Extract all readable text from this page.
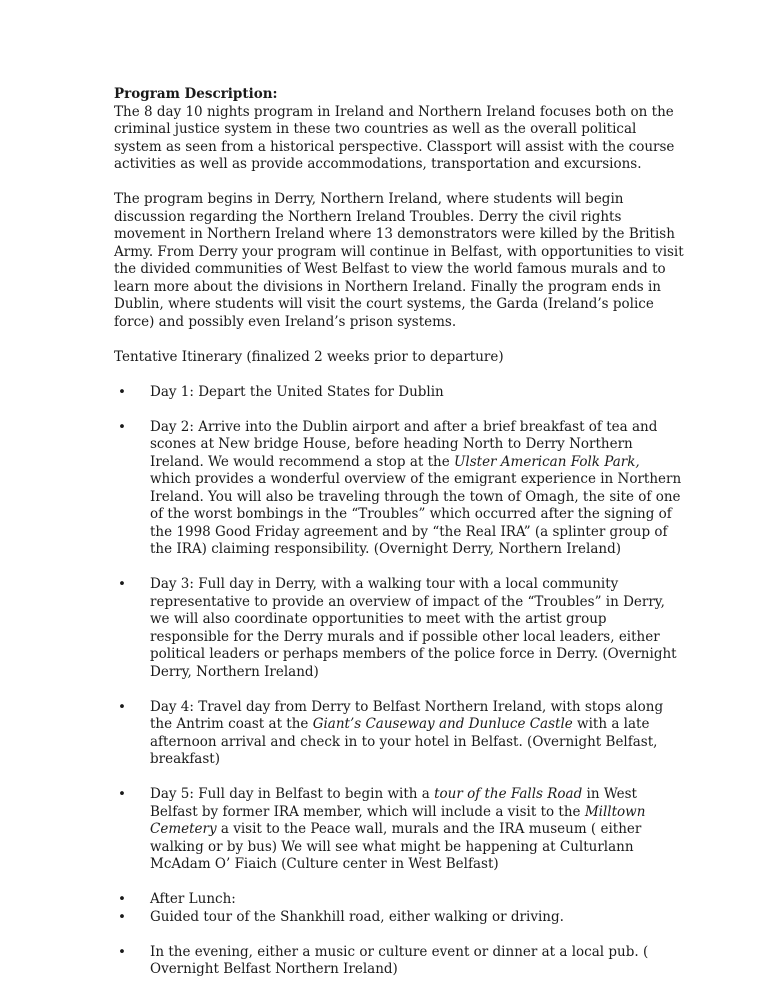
Program Description:

The 8 day 10 nights program in Ireland and Northern Ireland focuses both on the criminal justice system in these two countries as well as the overall political system as seen from a historical perspective. Classport will assist with the course activities as well as provide accommodations, transportation and excursions.

The program begins in Derry, Northern Ireland, where students will begin discussion regarding the Northern Ireland Troubles. Derry the civil rights movement in Northern Ireland where 13 demonstrators were killed by the British Army. From Derry your program will continue in Belfast, with opportunities to visit the divided communities of West Belfast to view the world famous murals and to learn more about the divisions in Northern Ireland. Finally the program ends in Dublin, where students will visit the court systems, the Garda (Ireland’s police force) and possibly even Ireland’s prison systems.

Tentative Itinerary (finalized 2 weeks prior to departure)

• Day 1: Depart the United States for Dublin
• Day 2: Arrive into the Dublin airport and after a brief breakfast of tea and scones at New bridge House, before heading North to Derry Northern Ireland. We would recommend a stop at the Ulster American Folk Park, which provides a wonderful overview of the emigrant experience in Northern Ireland. You will also be traveling through the town of Omagh, the site of one of the worst bombings in the “Troubles” which occurred after the signing of the 1998 Good Friday agreement and by “the Real IRA” (a splinter group of the IRA) claiming responsibility. (Overnight Derry, Northern Ireland)
• Day 3: Full day in Derry, with a walking tour with a local community representative to provide an overview of impact of the “Troubles” in Derry, we will also coordinate opportunities to meet with the artist group responsible for the Derry murals and if possible other local leaders, either political leaders or perhaps members of the police force in Derry. (Overnight Derry, Northern Ireland)
• Day 4: Travel day from Derry to Belfast Northern Ireland, with stops along the Antrim coast at the Giant’s Causeway and Dunluce Castle with a late afternoon arrival and check in to your hotel in Belfast. (Overnight Belfast, breakfast)
• Day 5: Full day in Belfast to begin with a tour of the Falls Road in West Belfast by former IRA member, which will include a visit to the Milltown Cemetery a visit to the Peace wall, murals and the IRA museum ( either walking or by bus) We will see what might be happening at Culturlann McAdam O’ Fiaich (Culture center in West Belfast)
• After Lunch:
• Guided tour of the Shankhill road, either walking or driving.
• In the evening, either a music or culture event or dinner at a local pub. ( Overnight Belfast Northern Ireland)
